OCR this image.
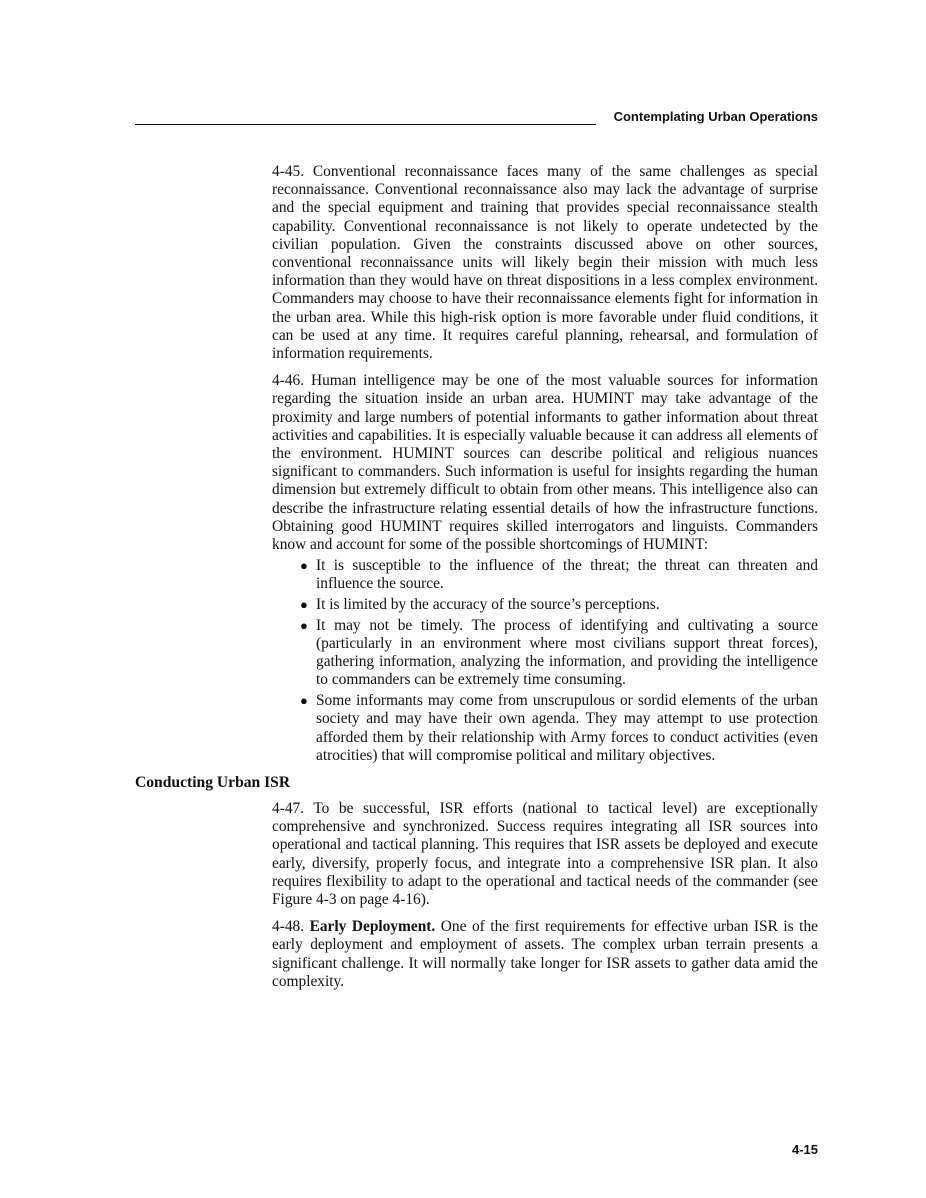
Contemplating Urban Operations

4-45. Conventional reconnaissance faces many of the same challenges as special reconnaissance. Conventional reconnaissance also may lack the advantage of surprise and the special equipment and training that provides special reconnaissance stealth capability. Conventional reconnaissance is not likely to operate undetected by the civilian population. Given the constraints discussed above on other sources, conventional reconnaissance units will likely begin their mission with much less information than they would have on threat dispositions in a less complex environment. Commanders may choose to have their reconnaissance elements fight for information in the urban area. While this high-risk option is more favorable under fluid conditions, it can be used at any time. It requires careful planning, rehearsal, and formulation of information requirements.

4-46. Human intelligence may be one of the most valuable sources for information regarding the situation inside an urban area. HUMINT may take advantage of the proximity and large numbers of potential informants to gather information about threat activities and capabilities. It is especially valuable because it can address all elements of the environment. HUMINT sources can describe political and religious nuances significant to commanders. Such information is useful for insights regarding the human dimension but extremely difficult to obtain from other means. This intelligence also can describe the infrastructure relating essential details of how the infrastructure functions. Obtaining good HUMINT requires skilled interrogators and linguists. Commanders know and account for some of the possible shortcomings of HUMINT:

● It is susceptible to the influence of the threat; the threat can threaten and influence the source.
● It is limited by the accuracy of the source’s perceptions.
● It may not be timely. The process of identifying and cultivating a source (particularly in an environment where most civilians support threat forces), gathering information, analyzing the information, and providing the intelligence to commanders can be extremely time consuming.
● Some informants may come from unscrupulous or sordid elements of the urban society and may have their own agenda. They may attempt to use protection afforded them by their relationship with Army forces to conduct activities (even atrocities) that will compromise political and military objectives.
Conducting Urban ISR

4-47. To be successful, ISR efforts (national to tactical level) are exceptionally comprehensive and synchronized. Success requires integrating all ISR sources into operational and tactical planning. This requires that ISR assets be deployed and execute early, diversify, properly focus, and integrate into a comprehensive ISR plan. It also requires flexibility to adapt to the operational and tactical needs of the commander (see Figure 4-3 on page 4-16).

4-48. Early Deployment. One of the first requirements for effective urban ISR is the early deployment and employment of assets. The complex urban terrain presents a significant challenge. It will normally take longer for ISR assets to gather data amid the complexity.

4-15
